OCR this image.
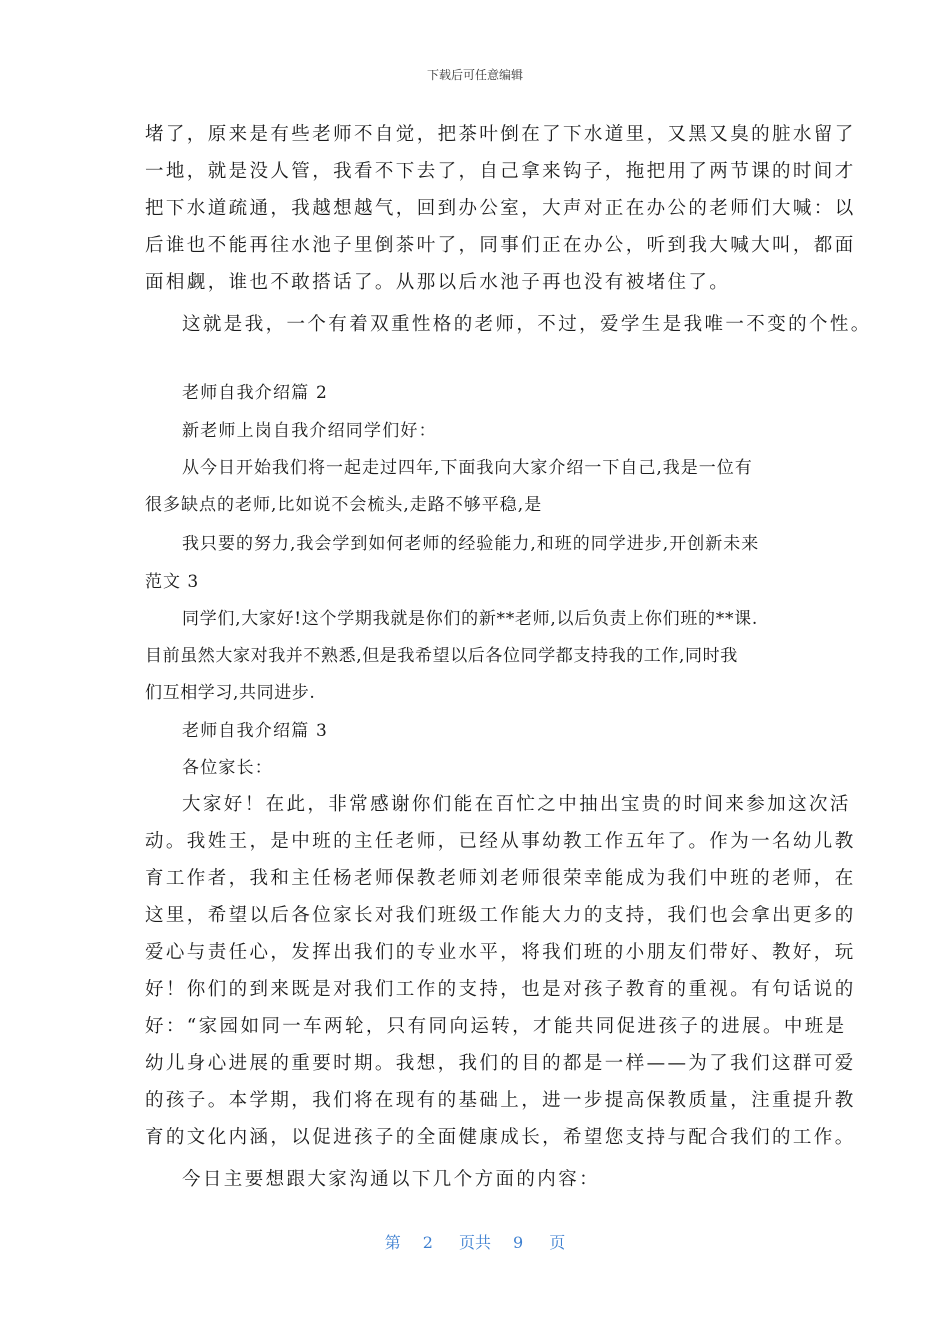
下载后可任意编辑
堵了，原来是有些老师不自觉，把茶叶倒在了下水道里，又黑又臭的脏水留了
一地，就是没人管，我看不下去了，自己拿来钩子，拖把用了两节课的时间才
把下水道疏通，我越想越气，回到办公室，大声对正在办公的老师们大喊：以
后谁也不能再往水池子里倒茶叶了，同事们正在办公，听到我大喊大叫，都面
面相觑，谁也不敢搭话了。从那以后水池子再也没有被堵住了。
这就是我，一个有着双重性格的老师，不过，爱学生是我唯一不变的个性。
老师自我介绍篇 2
新老师上岗自我介绍同学们好：
从今日开始我们将一起走过四年,下面我向大家介绍一下自己,我是一位有
很多缺点的老师,比如说不会梳头,走路不够平稳,是
我只要的努力,我会学到如何老师的经验能力,和班的同学进步,开创新未来
范文 3
同学们,大家好!这个学期我就是你们的新**老师,以后负责上你们班的**课.
目前虽然大家对我并不熟悉,但是我希望以后各位同学都支持我的工作,同时我
们互相学习,共同进步.
老师自我介绍篇 3
各位家长：
大家好！在此，非常感谢你们能在百忙之中抽出宝贵的时间来参加这次活
动。我姓王，是中班的主任老师，已经从事幼教工作五年了。作为一名幼儿教
育工作者，我和主任杨老师保教老师刘老师很荣幸能成为我们中班的老师，在
这里，希望以后各位家长对我们班级工作能大力的支持，我们也会拿出更多的
爱心与责任心，发挥出我们的专业水平，将我们班的小朋友们带好、教好，玩
好！你们的到来既是对我们工作的支持，也是对孩子教育的重视。有句话说的
好：“家园如同一车两轮，只有同向运转，才能共同促进孩子的进展。中班是
幼儿身心进展的重要时期。我想，我们的目的都是一样——为了我们这群可爱
的孩子。本学期，我们将在现有的基础上，进一步提高保教质量，注重提升教
育的文化内涵，以促进孩子的全面健康成长，希望您支持与配合我们的工作。
今日主要想跟大家沟通以下几个方面的内容：
第 2 页共 9 页
